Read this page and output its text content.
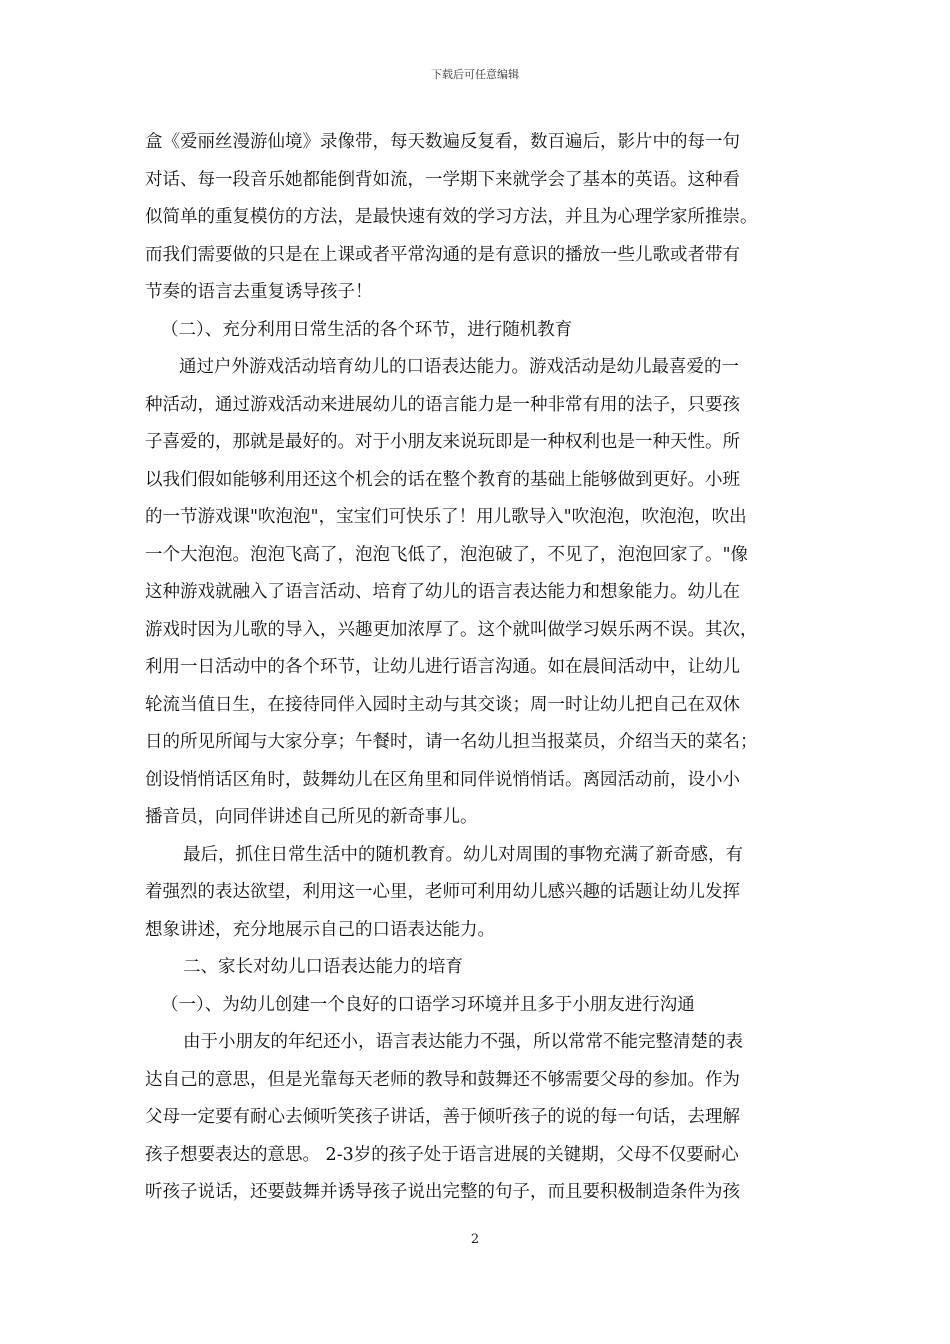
下载后可任意编辑
盒《爱丽丝漫游仙境》录像带，每天数遍反复看，数百遍后，影片中的每一句
对话、每一段音乐她都能倒背如流，一学期下来就学会了基本的英语。这种看
似简单的重复模仿的方法，是最快速有效的学习方法，并且为心理学家所推崇。
而我们需要做的只是在上课或者平常沟通的是有意识的播放一些儿歌或者带有
节奏的语言去重复诱导孩子！
（二）、充分利用日常生活的各个环节，进行随机教育
通过户外游戏活动培育幼儿的口语表达能力。游戏活动是幼儿最喜爱的一
种活动，通过游戏活动来进展幼儿的语言能力是一种非常有用的法子，只要孩
子喜爱的，那就是最好的。对于小朋友来说玩即是一种权利也是一种天性。所
以我们假如能够利用还这个机会的话在整个教育的基础上能够做到更好。小班
的一节游戏课"吹泡泡"，宝宝们可快乐了！用儿歌导入"吹泡泡，吹泡泡，吹出
一个大泡泡。泡泡飞高了，泡泡飞低了，泡泡破了，不见了，泡泡回家了。"像
这种游戏就融入了语言活动、培育了幼儿的语言表达能力和想象能力。幼儿在
游戏时因为儿歌的导入，兴趣更加浓厚了。这个就叫做学习娱乐两不误。其次，
利用一日活动中的各个环节，让幼儿进行语言沟通。如在晨间活动中，让幼儿
轮流当值日生，在接待同伴入园时主动与其交谈；周一时让幼儿把自己在双休
日的所见所闻与大家分享；午餐时，请一名幼儿担当报菜员，介绍当天的菜名；
创设悄悄话区角时，鼓舞幼儿在区角里和同伴说悄悄话。离园活动前，设小小
播音员，向同伴讲述自己所见的新奇事儿。
最后，抓住日常生活中的随机教育。幼儿对周围的事物充满了新奇感，有
着强烈的表达欲望，利用这一心里，老师可利用幼儿感兴趣的话题让幼儿发挥
想象讲述，充分地展示自己的口语表达能力。
二、家长对幼儿口语表达能力的培育
（一）、为幼儿创建一个良好的口语学习环境并且多于小朋友进行沟通
由于小朋友的年纪还小，语言表达能力不强，所以常常不能完整清楚的表
达自己的意思，但是光靠每天老师的教导和鼓舞还不够需要父母的参加。作为
父母一定要有耐心去倾听笑孩子讲话，善于倾听孩子的说的每一句话，去理解
孩子想要表达的意思。 2-3岁的孩子处于语言进展的关键期，父母不仅要耐心
听孩子说话，还要鼓舞并诱导孩子说出完整的句子，而且要积极制造条件为孩
2
